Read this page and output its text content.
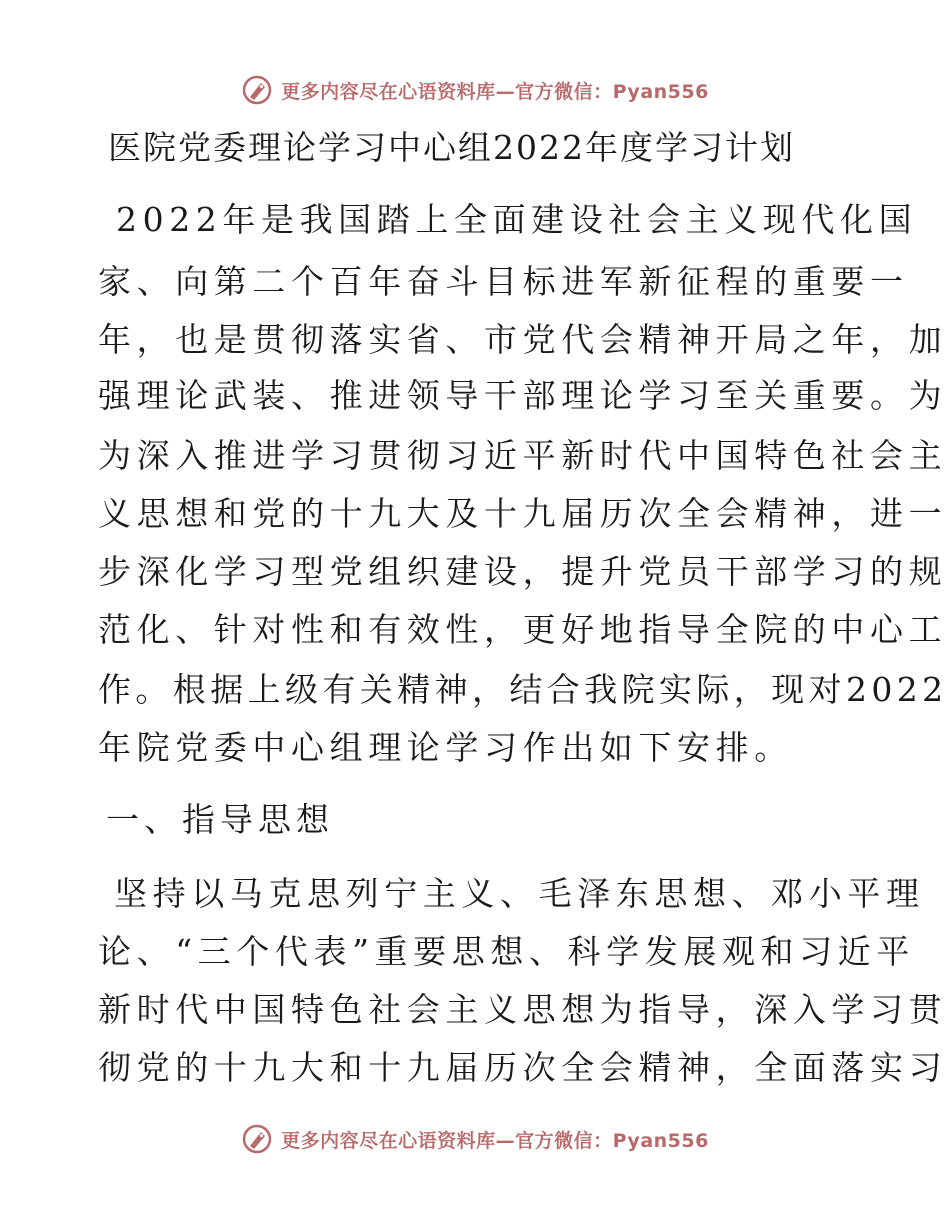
更多内容尽在心语资料库—官方微信：Pyan556
医院党委理论学习中心组2022年度学习计划

2022年是我国踏上全面建设社会主义现代化国

家、向第二个百年奋斗目标进军新征程的重要一

年，也是贯彻落实省、市党代会精神开局之年，加

强理论武装、推进领导干部理论学习至关重要。为

为深入推进学习贯彻习近平新时代中国特色社会主

义思想和党的十九大及十九届历次全会精神，进一

步深化学习型党组织建设，提升党员干部学习的规

范化、针对性和有效性，更好地指导全院的中心工

作。根据上级有关精神，结合我院实际，现对2022

年院党委中心组理论学习作出如下安排。

一、指导思想

坚持以马克思列宁主义、毛泽东思想、邓小平理

论、“三个代表”重要思想、科学发展观和习近平

新时代中国特色社会主义思想为指导，深入学习贯

彻党的十九大和十九届历次全会精神，全面落实习

更多内容尽在心语资料库—官方微信：Pyan556
